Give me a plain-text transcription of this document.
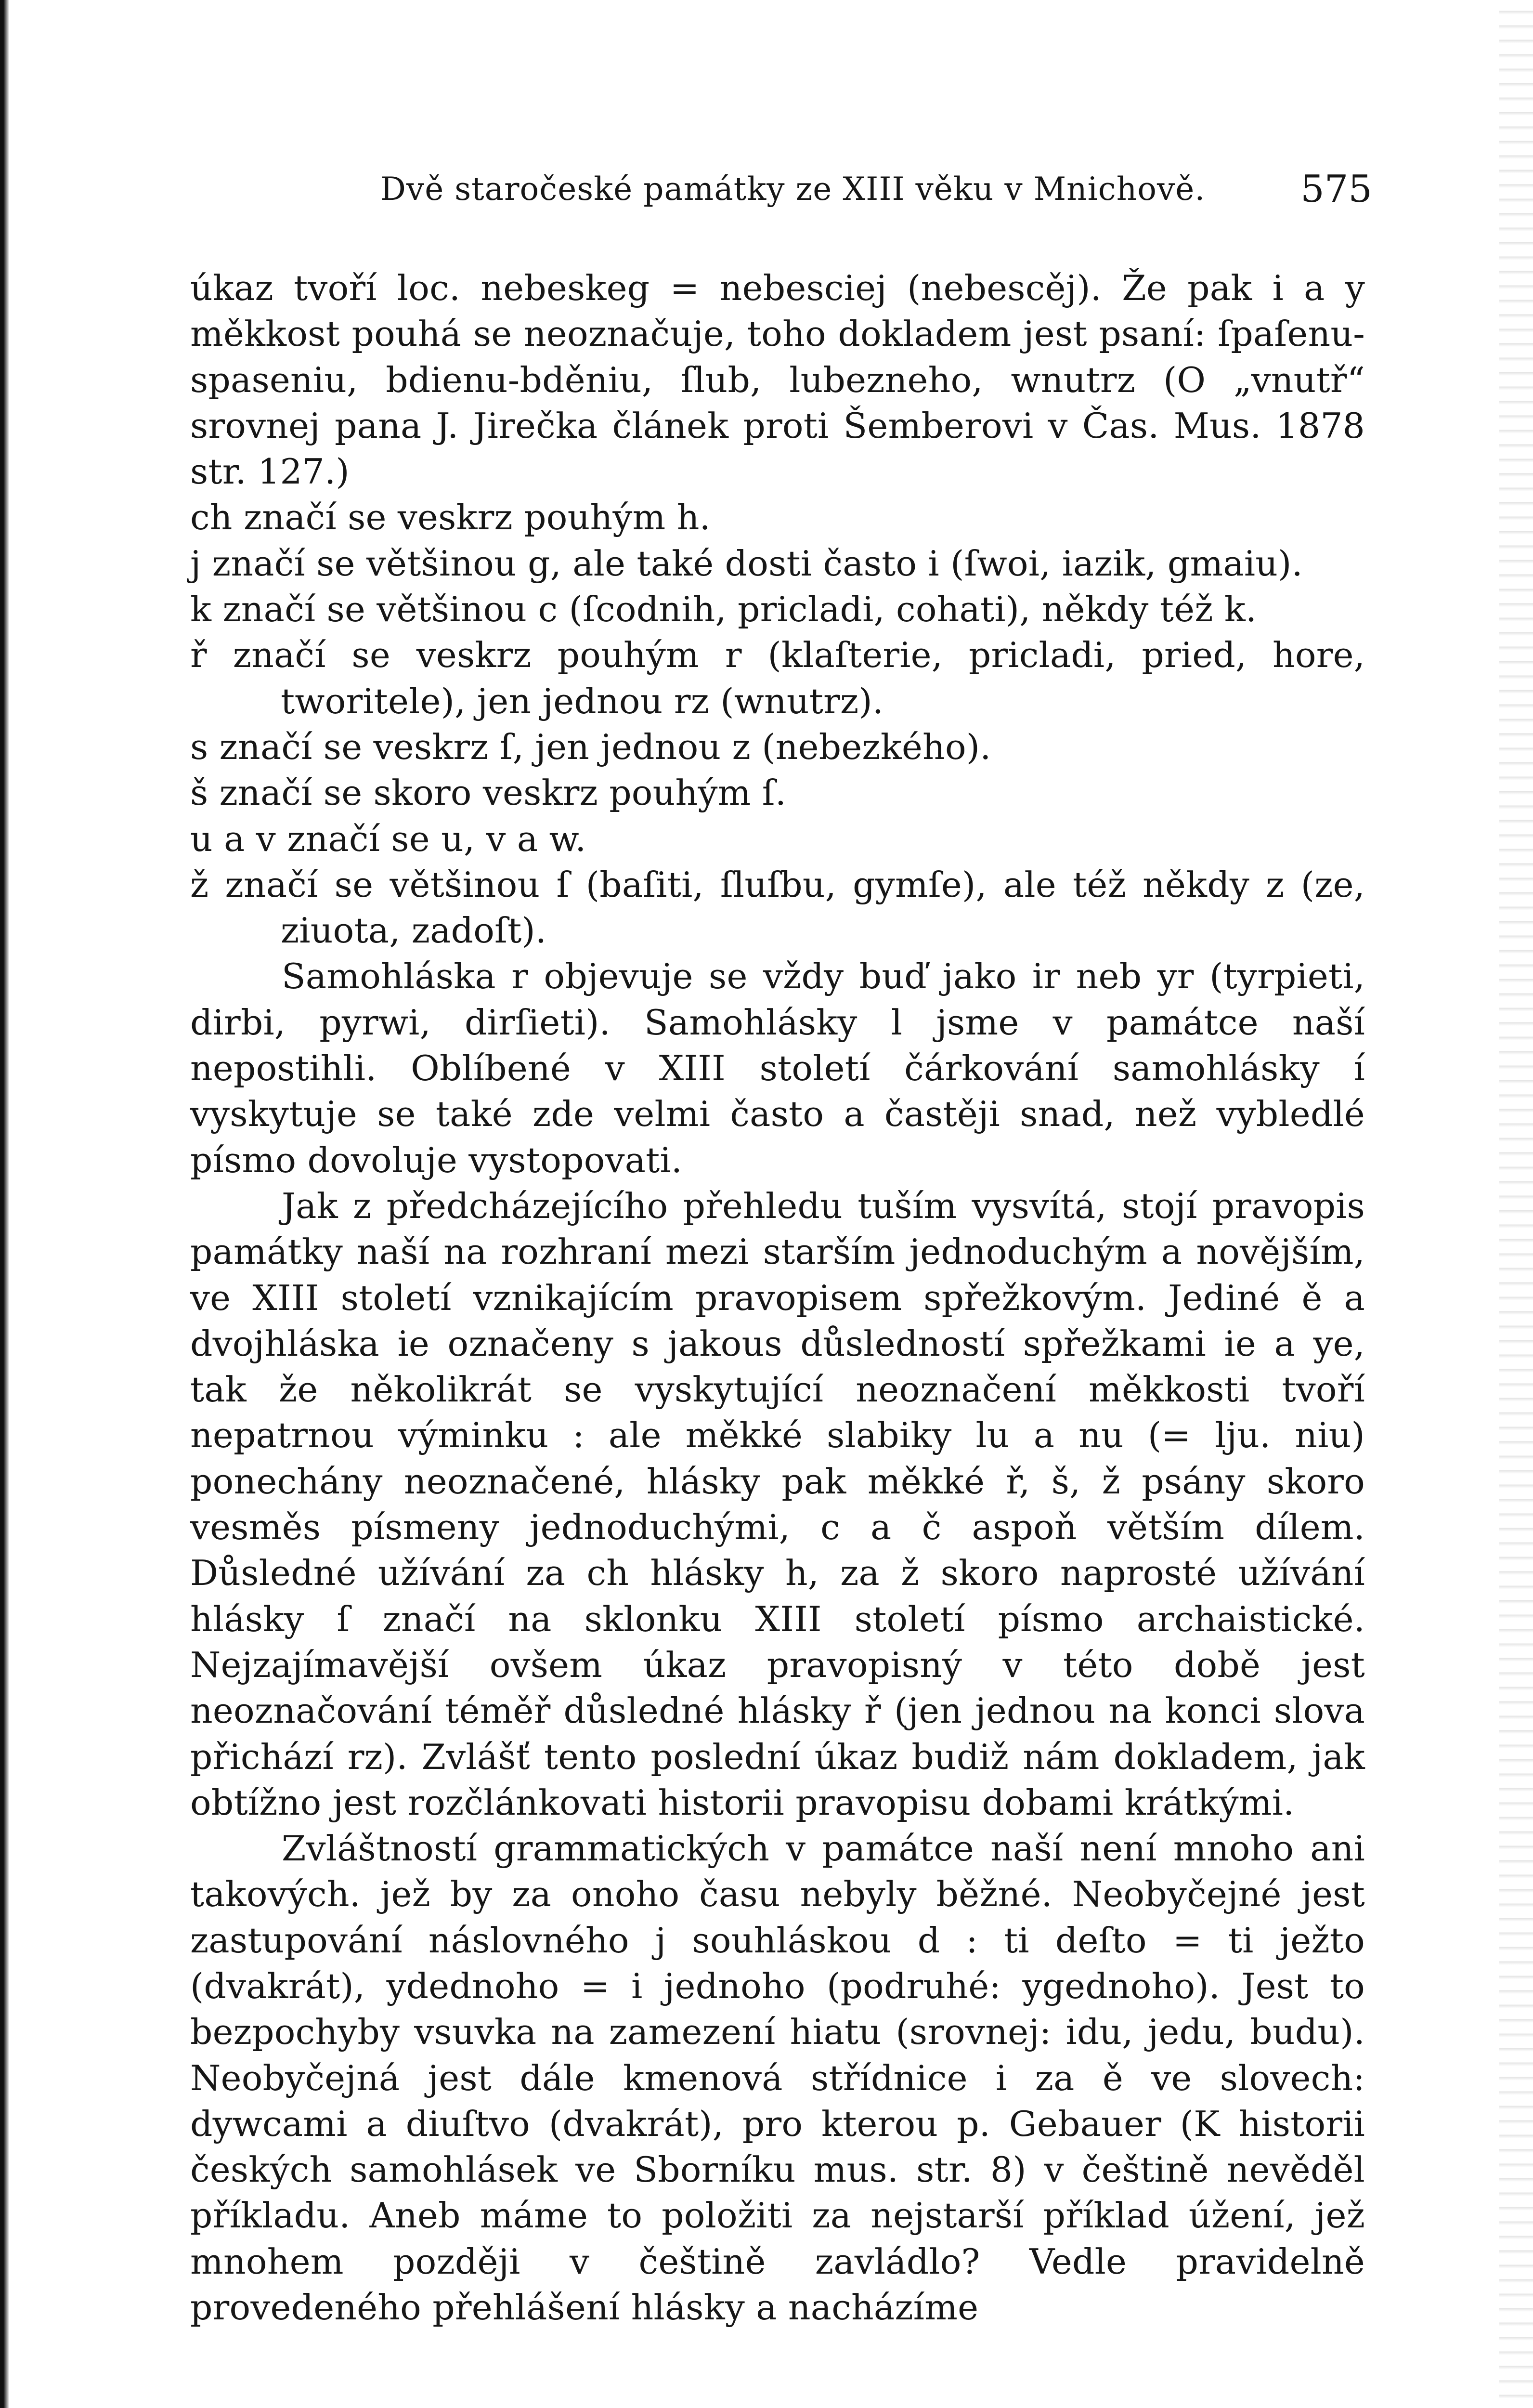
Dvě staročeské památky ze XIII věku v Mnichově.	575

úkaz tvoří loc. nebeskeg = nebesciej (nebescěj). Že pak i a y měkkost pouhá se neoznačuje, toho dokladem jest psaní: ſpaſenu-spaseniu, bdienu-bděniu, ſlub, lubezneho, wnutrz (O „vnutř“ srovnej pana J. Jirečka článek proti Šemberovi v Čas. Mus. 1878 str. 127.)

ch značí se veskrz pouhým h.

j značí se většinou g, ale také dosti často i (ſwoi, iazik, gmaiu).

k značí se většinou c (ſcodnih, pricladi, cohati), někdy též k.

ř značí se veskrz pouhým r (klaſterie, pricladi, pried, hore, tworitele), jen jednou rz (wnutrz).

s značí se veskrz ſ, jen jednou z (nebezkého).

š značí se skoro veskrz pouhým ſ.

u a v značí se u, v a w.

ž značí se většinou ſ (baſiti, ſluſbu, gymſe), ale též někdy z (ze, ziuota, zadoſt).

Samohláska r objevuje se vždy buď jako ir neb yr (tyrpieti, dirbi, pyrwi, dirſieti). Samohlásky l jsme v památce naší nepostihli. Oblíbené v XIII století čárkování samohlásky í vyskytuje se také zde velmi často a častěji snad, než vybledlé písmo dovoluje vystopovati.

Jak z předcházejícího přehledu tuším vysvítá, stojí pravopis památky naší na rozhraní mezi starším jednoduchým a novějším, ve XIII století vznikajícím pravopisem spřežkovým. Jediné ě a dvojhláska ie označeny s jakous důsledností spřežkami ie a ye, tak že několikrát se vyskytující neoznačení měkkosti tvoří nepatrnou výminku : ale měkké slabiky lu a nu (= lju. niu) ponechány neoznačené, hlásky pak měkké ř, š, ž psány skoro vesměs písmeny jednoduchými, c a č aspoň větším dílem. Důsledné užívání za ch hlásky h, za ž skoro naprosté užívání hlásky ſ značí na sklonku XIII století písmo archaistické. Nejzajímavější ovšem úkaz pravopisný v této době jest neoznačování téměř důsledné hlásky ř (jen jednou na konci slova přichází rz). Zvlášť tento poslední úkaz budiž nám dokladem, jak obtížno jest rozčlánkovati historii pravopisu dobami krátkými.

Zvláštností grammatických v památce naší není mnoho ani takových. jež by za onoho času nebyly běžné. Neobyčejné jest zastupování náslovného j souhláskou d : ti deſto = ti ježto (dvakrát), ydednoho = i jednoho (podruhé: ygednoho). Jest to bezpochyby vsuvka na zamezení hiatu (srovnej: idu, jedu, budu). Neobyčejná jest dále kmenová střídnice i za ě ve slovech: dywcami a diuſtvo (dvakrát), pro kterou p. Gebauer (K historii českých samohlásek ve Sborníku mus. str. 8) v češtině nevěděl příkladu. Aneb máme to položiti za nejstarší příklad úžení, jež mnohem později v češtině zavládlo? Vedle pravidelně provedeného přehlášení hlásky a nacházíme
